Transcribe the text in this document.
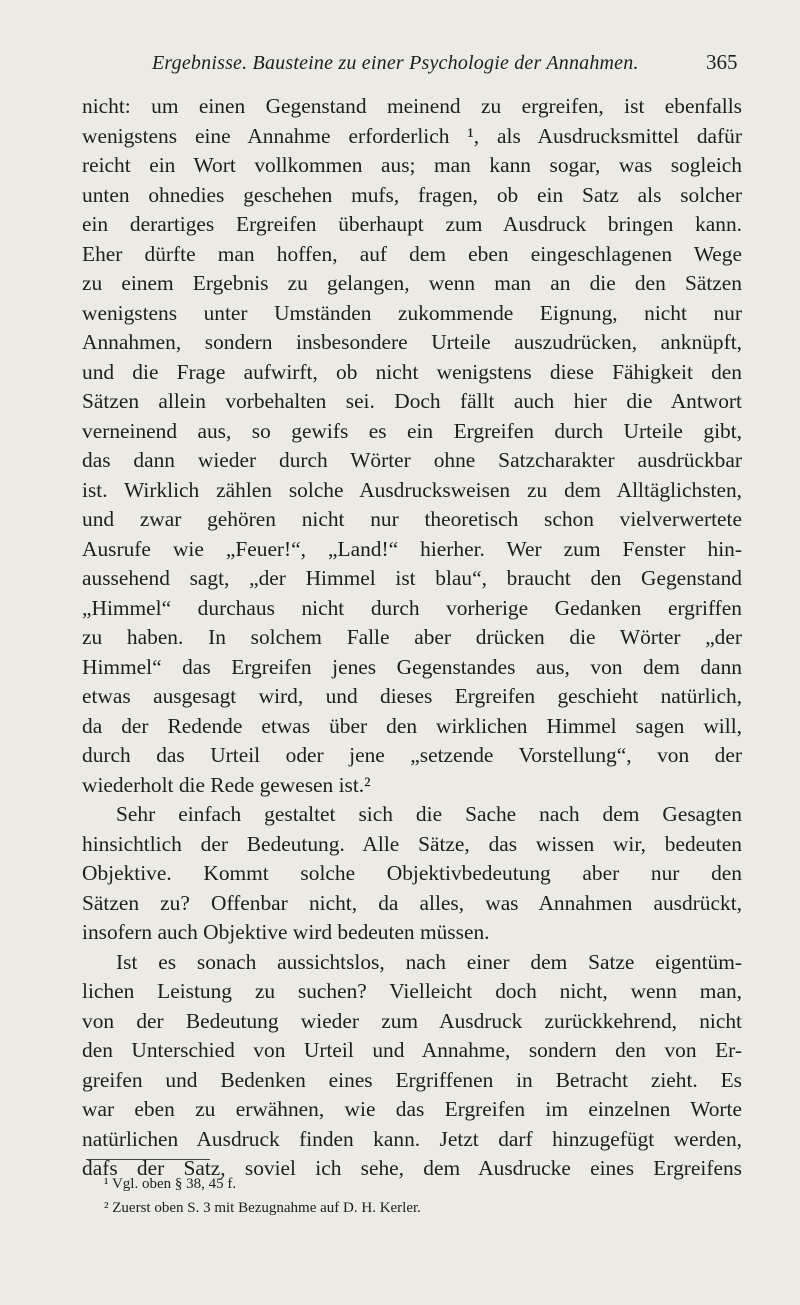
Ergebnisse. Bausteine zu einer Psychologie der Annahmen.	365
nicht: um einen Gegenstand meinend zu ergreifen, ist ebenfalls
wenigstens eine Annahme erforderlich ¹, als Ausdrucksmittel dafür
reicht ein Wort vollkommen aus; man kann sogar, was sogleich
unten ohnedies geschehen mufs, fragen, ob ein Satz als solcher
ein derartiges Ergreifen überhaupt zum Ausdruck bringen kann.
Eher dürfte man hoffen, auf dem eben eingeschlagenen Wege
zu einem Ergebnis zu gelangen, wenn man an die den Sätzen
wenigstens unter Umständen zukommende Eignung, nicht nur
Annahmen, sondern insbesondere Urteile auszudrücken, anknüpft,
und die Frage aufwirft, ob nicht wenigstens diese Fähigkeit den
Sätzen allein vorbehalten sei. Doch fällt auch hier die Antwort
verneinend aus, so gewifs es ein Ergreifen durch Urteile gibt,
das dann wieder durch Wörter ohne Satzcharakter ausdrückbar
ist. Wirklich zählen solche Ausdrucksweisen zu dem Alltäglichsten,
und zwar gehören nicht nur theoretisch schon vielverwertete
Ausrufe wie „Feuer!“, „Land!“ hierher. Wer zum Fenster hin-
aussehend sagt, „der Himmel ist blau“, braucht den Gegenstand
„Himmel“ durchaus nicht durch vorherige Gedanken ergriffen
zu haben. In solchem Falle aber drücken die Wörter „der
Himmel“ das Ergreifen jenes Gegenstandes aus, von dem dann
etwas ausgesagt wird, und dieses Ergreifen geschieht natürlich,
da der Redende etwas über den wirklichen Himmel sagen will,
durch das Urteil oder jene „setzende Vorstellung“, von der
wiederholt die Rede gewesen ist.²
Sehr einfach gestaltet sich die Sache nach dem Gesagten
hinsichtlich der Bedeutung. Alle Sätze, das wissen wir, bedeuten
Objektive. Kommt solche Objektivbedeutung aber nur den
Sätzen zu? Offenbar nicht, da alles, was Annahmen ausdrückt,
insofern auch Objektive wird bedeuten müssen.
Ist es sonach aussichtslos, nach einer dem Satze eigentüm-
lichen Leistung zu suchen? Vielleicht doch nicht, wenn man,
von der Bedeutung wieder zum Ausdruck zurückkehrend, nicht
den Unterschied von Urteil und Annahme, sondern den von Er-
greifen und Bedenken eines Ergriffenen in Betracht zieht. Es
war eben zu erwähnen, wie das Ergreifen im einzelnen Worte
natürlichen Ausdruck finden kann. Jetzt darf hinzugefügt werden,
dafs der Satz, soviel ich sehe, dem Ausdrucke eines Ergreifens
¹ Vgl. oben § 38, 45 f.
² Zuerst oben S. 3 mit Bezugnahme auf D. H. Kerler.
